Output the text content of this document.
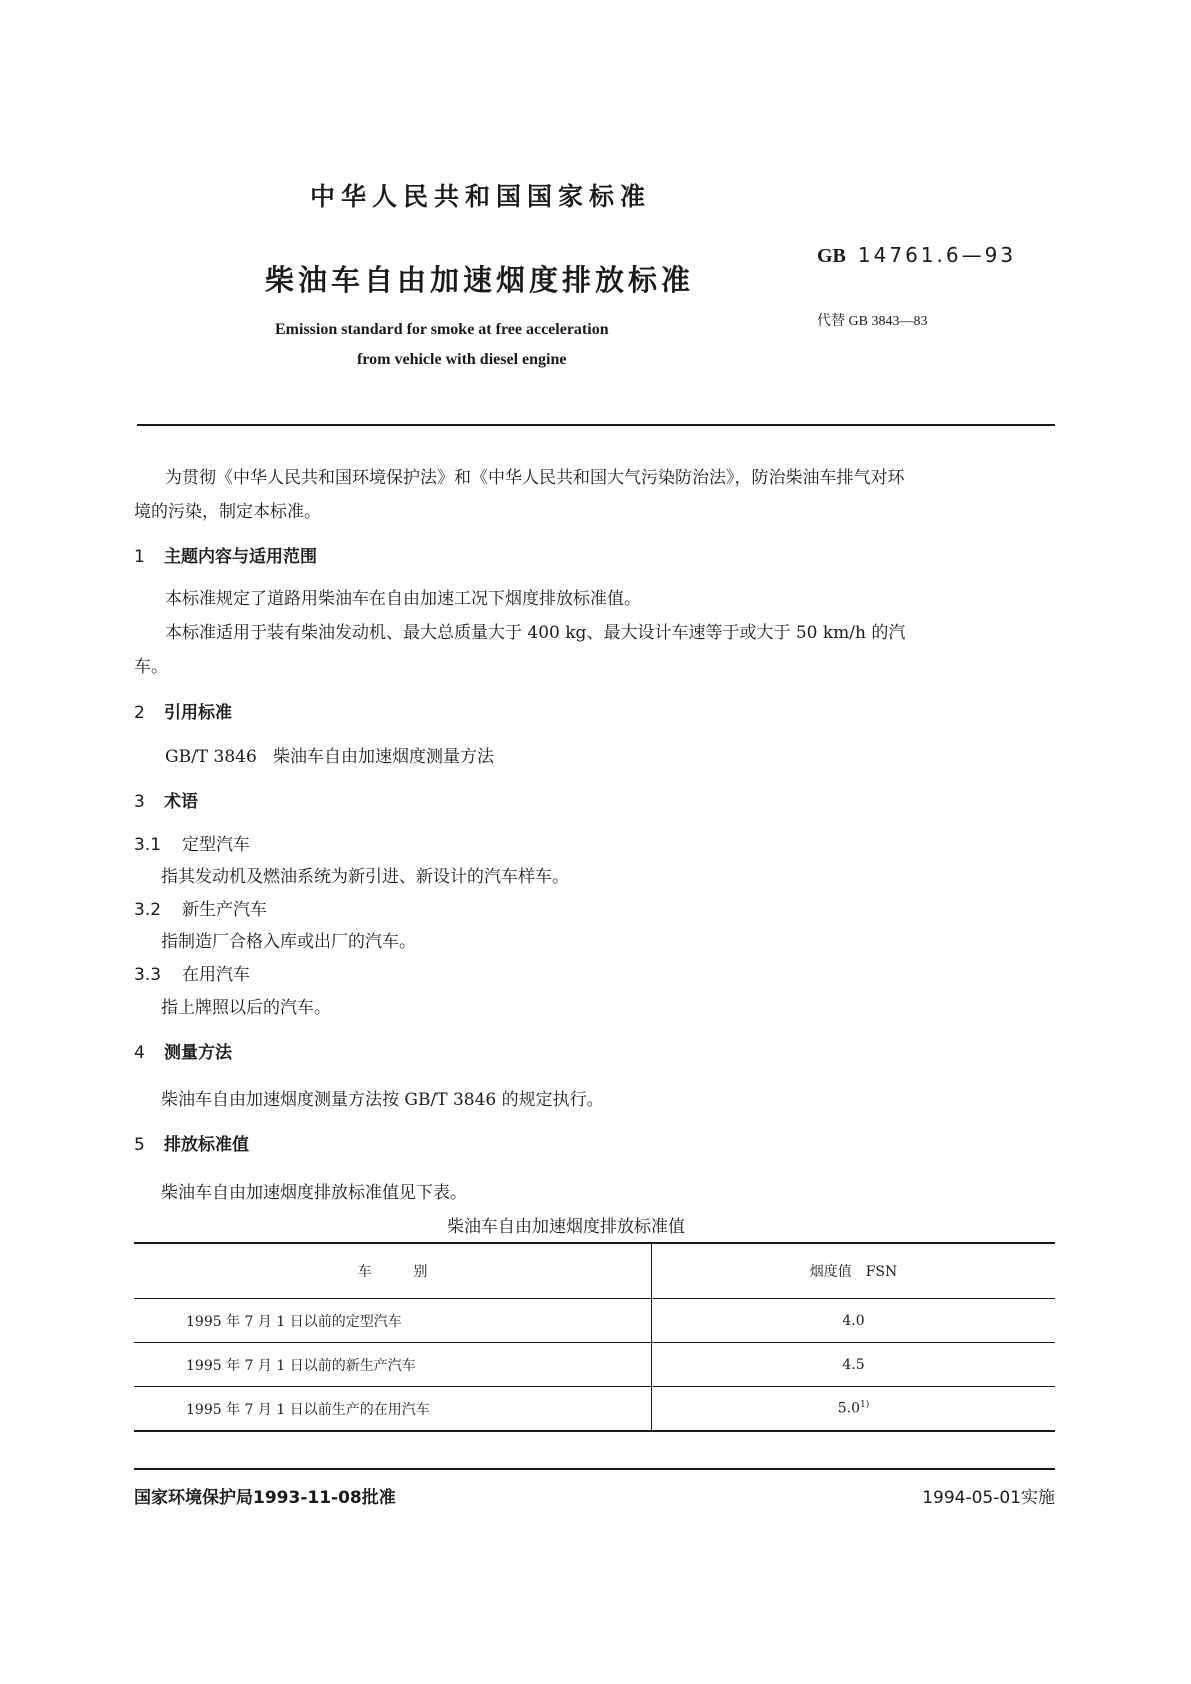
中华人民共和国国家标准
柴油车自由加速烟度排放标准
Emission standard for smoke at free acceleration
from vehicle with diesel engine
GB 14761.6—93
代替 GB 3843—83
为贯彻《中华人民共和国环境保护法》和《中华人民共和国大气污染防治法》，防治柴油车排气对环
境的污染，制定本标准。
1 主题内容与适用范围
本标准规定了道路用柴油车在自由加速工况下烟度排放标准值。
本标准适用于装有柴油发动机、最大总质量大于 400 kg、最大设计车速等于或大于 50 km/h 的汽
车。
2 引用标准
GB/T 3846   柴油车自由加速烟度测量方法
3 术语
3.1 定型汽车
指其发动机及燃油系统为新引进、新设计的汽车样车。
3.2 新生产汽车
指制造厂合格入库或出厂的汽车。
3.3 在用汽车
指上牌照以后的汽车。
4 测量方法
柴油车自由加速烟度测量方法按 GB/T 3846 的规定执行。
5 排放标准值
柴油车自由加速烟度排放标准值见下表。
柴油车自由加速烟度排放标准值
车　　　别	烟度值　FSN
1995 年 7 月 1 日以前的定型汽车	4.0
1995 年 7 月 1 日以前的新生产汽车	4.5
1995 年 7 月 1 日以前生产的在用汽车	5.0$^{1)}$
国家环境保护局1993-11-08批准	1994-05-01实施
